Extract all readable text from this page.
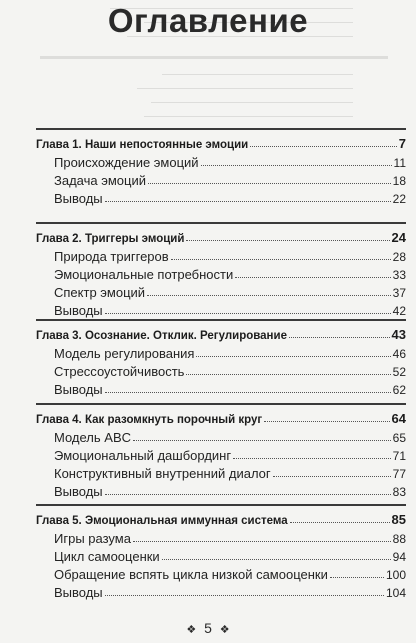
Оглавление
Глава 1. Наши непостоянные эмоции	7
Происхождение эмоций	11
Задача эмоций	18
Выводы	22
Глава 2. Триггеры эмоций	24
Природа триггеров	28
Эмоциональные потребности	33
Спектр эмоций	37
Выводы	42
Глава 3. Осознание. Отклик. Регулирование	43
Модель регулирования	46
Стрессоустойчивость	52
Выводы	62
Глава 4. Как разомкнуть порочный круг	64
Модель ABC	65
Эмоциональный дашбординг	71
Конструктивный внутренний диалог	77
Выводы	83
Глава 5. Эмоциональная иммунная система	85
Игры разума	88
Цикл самооценки	94
Обращение вспять цикла низкой самооценки	100
Выводы	104
❖ 5 ❖
